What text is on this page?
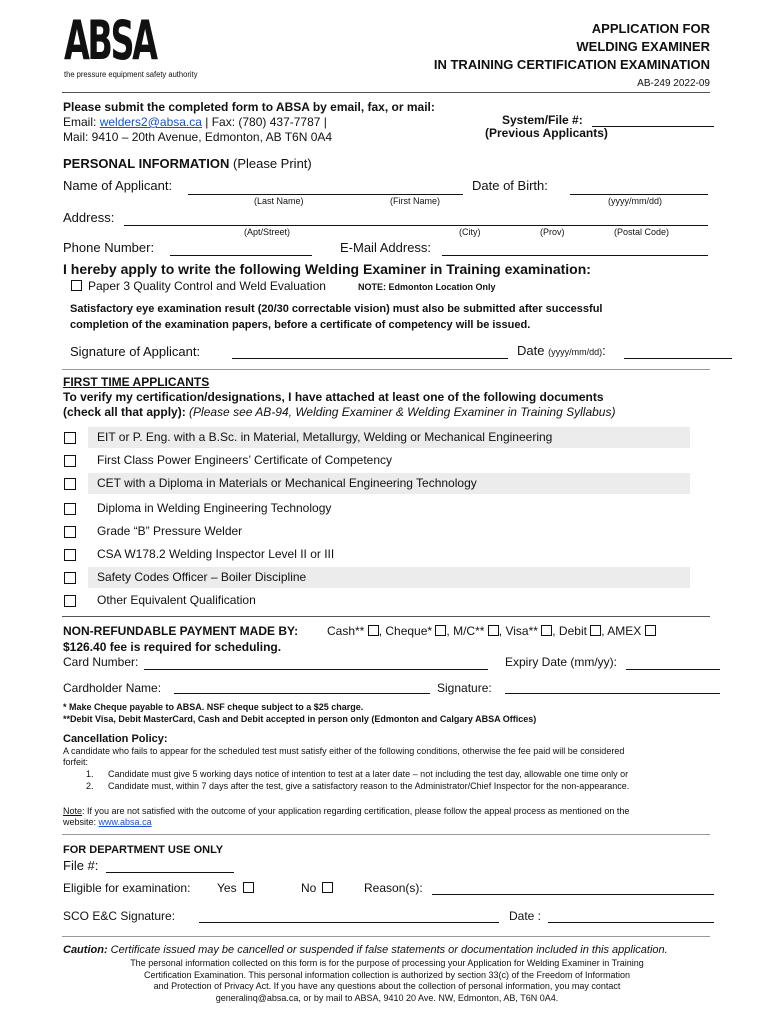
ABSA
the pressure equipment safety authority
APPLICATION FOR
WELDING EXAMINER
IN TRAINING CERTIFICATION EXAMINATION
AB-249 2022-09
Please submit the completed form to ABSA by email, fax, or mail:
Email: welders2@absa.ca | Fax: (780) 437-7787 |
Mail: 9410 – 20th Avenue, Edmonton, AB T6N 0A4
System/File #:
(Previous Applicants)
PERSONAL INFORMATION (Please Print)
Name of Applicant:	Date of Birth:
(Last Name)	(First Name)	(yyyy/mm/dd)
Address:
(Apt/Street)	(City)	(Prov)	(Postal Code)
Phone Number:	E-Mail Address:
I hereby apply to write the following Welding Examiner in Training examination:
Paper 3 Quality Control and Weld Evaluation	NOTE: Edmonton Location Only
Satisfactory eye examination result (20/30 correctable vision) must also be submitted after successful
completion of the examination papers, before a certificate of competency will be issued.
Signature of Applicant:	Date (yyyy/mm/dd):
FIRST TIME APPLICANTS
To verify my certification/designations, I have attached at least one of the following documents
(check all that apply): (Please see AB-94, Welding Examiner & Welding Examiner in Training Syllabus)
EIT or P. Eng. with a B.Sc. in Material, Metallurgy, Welding or Mechanical Engineering
First Class Power Engineers’ Certificate of Competency
CET with a Diploma in Materials or Mechanical Engineering Technology
Diploma in Welding Engineering Technology
Grade “B” Pressure Welder
CSA W178.2 Welding Inspector Level II or III
Safety Codes Officer – Boiler Discipline
Other Equivalent Qualification
NON-REFUNDABLE PAYMENT MADE BY: Cash** , Cheque* , M/C** , Visa** , Debit , AMEX
$126.40 fee is required for scheduling.
Card Number:	Expiry Date (mm/yy):
Cardholder Name:	Signature:
* Make Cheque payable to ABSA. NSF cheque subject to a $25 charge.
**Debit Visa, Debit MasterCard, Cash and Debit accepted in person only (Edmonton and Calgary ABSA Offices)
Cancellation Policy:
A candidate who fails to appear for the scheduled test must satisfy either of the following conditions, otherwise the fee paid will be considered
forfeit:
1. Candidate must give 5 working days notice of intention to test at a later date – not including the test day, allowable one time only or
2. Candidate must, within 7 days after the test, give a satisfactory reason to the Administrator/Chief Inspector for the non-appearance.
Note: If you are not satisfied with the outcome of your application regarding certification, please follow the appeal process as mentioned on the
website: www.absa.ca
FOR DEPARTMENT USE ONLY
File #:
Eligible for examination: Yes	No	Reason(s):
SCO E&C Signature:	Date :
Caution: Certificate issued may be cancelled or suspended if false statements or documentation included in this application.
The personal information collected on this form is for the purpose of processing your Application for Welding Examiner in Training
Certification Examination. This personal information collection is authorized by section 33(c) of the Freedom of Information
and Protection of Privacy Act. If you have any questions about the collection of personal information, you may contact
generalinq@absa.ca, or by mail to ABSA, 9410 20 Ave. NW, Edmonton, AB, T6N 0A4.
